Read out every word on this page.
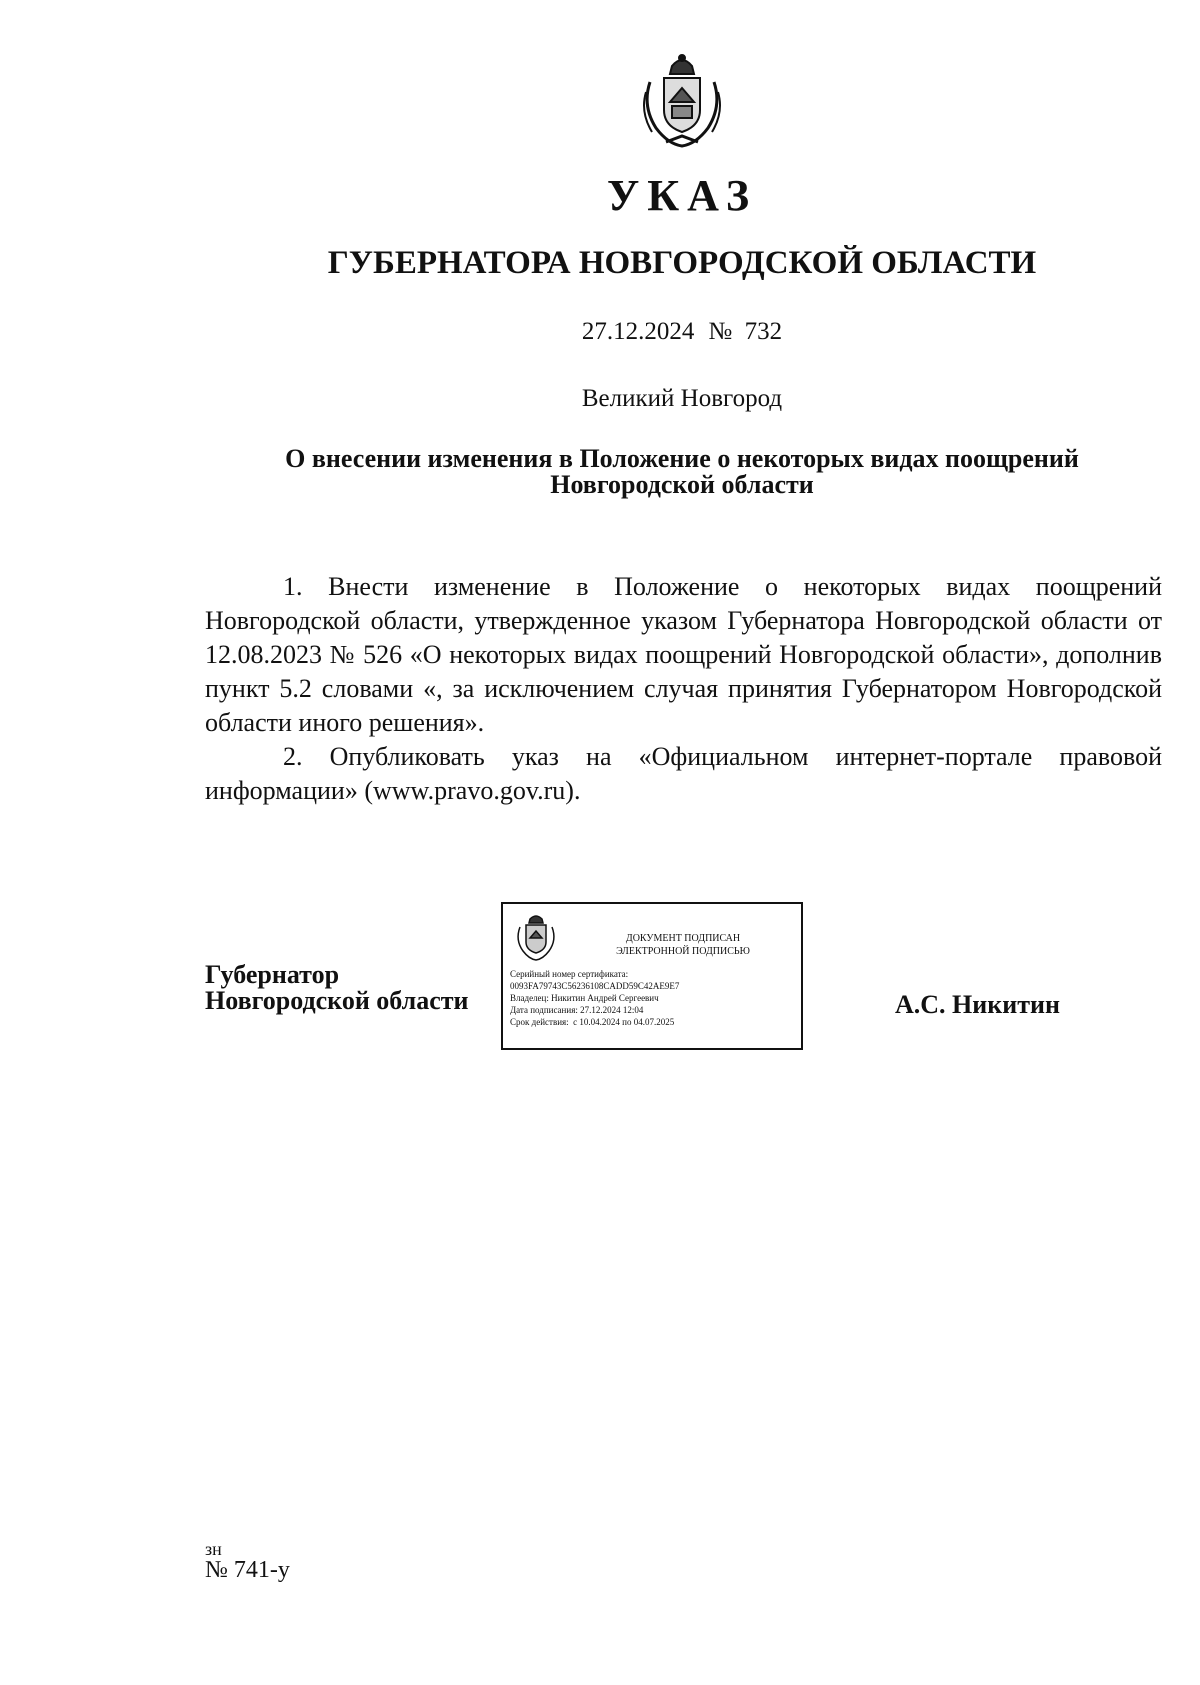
УКАЗ
ГУБЕРНАТОРА НОВГОРОДСКОЙ ОБЛАСТИ
27.12.2024 №  732
Великий Новгород
О внесении изменения в Положение о некоторых видах поощрений
Новгородской области

1. Внести изменение в Положение о некоторых видах поощрений Новгородской области, утвержденное указом Губернатора Новгородской области от 12.08.2023 № 526 «О некоторых видах поощрений Новгородской области», дополнив пункт 5.2 словами «, за исключением случая принятия Губернатором Новгородской области иного решения».

2. Опубликовать указ на «Официальном интернет-портале правовой информации» (www.pravo.gov.ru).

Губернатор
Новгородской области
ДОКУМЕНТ ПОДПИСАН
ЭЛЕКТРОННОЙ ПОДПИСЬЮ
Серийный номер сертификата:
0093FA79743C56236108CADD59C42AE9E7
Владелец: Никитин Андрей Сергеевич
Дата подписания: 27.12.2024 12:04
Срок действия:  с 10.04.2024 по 04.07.2025
А.С. Никитин
зн
№ 741-у
